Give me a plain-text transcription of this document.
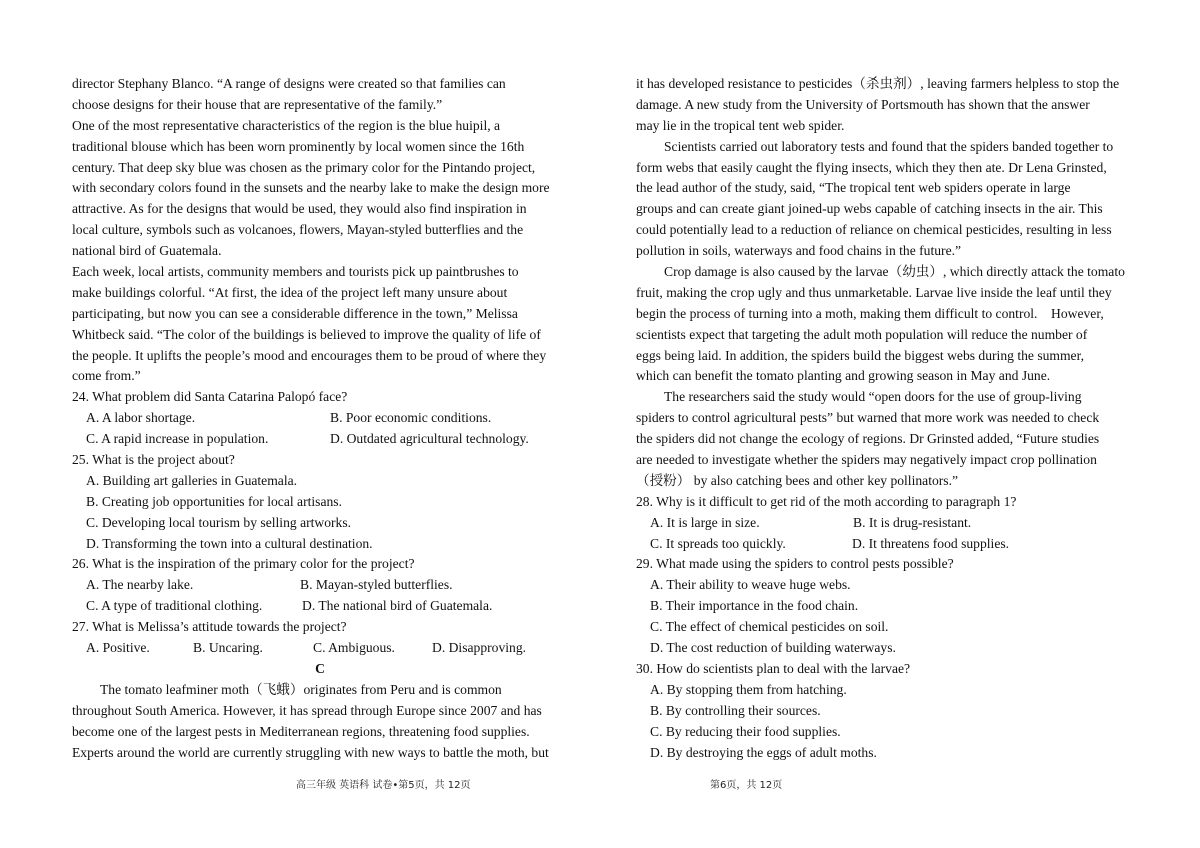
director Stephany Blanco. “A range of designs were created so that families can
choose designs for their house that are representative of the family.”
One of the most representative characteristics of the region is the blue huipil, a
traditional blouse which has been worn prominently by local women since the 16th
century. That deep sky blue was chosen as the primary color for the Pintando project,
with secondary colors found in the sunsets and the nearby lake to make the design more
attractive. As for the designs that would be used, they would also find inspiration in
local culture, symbols such as volcanoes, flowers, Mayan-styled butterflies and the
national bird of Guatemala.
Each week, local artists, community members and tourists pick up paintbrushes to
make buildings colorful. “At first, the idea of the project left many unsure about
participating, but now you can see a considerable difference in the town,” Melissa
Whitbeck said. “The color of the buildings is believed to improve the quality of life of
the people. It uplifts the people’s mood and encourages them to be proud of where they
come from.”
24. What problem did Santa Catarina Palopó face?
A. A labor shortage.	B. Poor economic conditions.
C. A rapid increase in population.	D. Outdated agricultural technology.
25. What is the project about?
A. Building art galleries in Guatemala.
B. Creating job opportunities for local artisans.
C. Developing local tourism by selling artworks.
D. Transforming the town into a cultural destination.
26. What is the inspiration of the primary color for the project?
A. The nearby lake.	B. Mayan-styled butterflies.
C. A type of traditional clothing.	D. The national bird of Guatemala.
27. What is Melissa’s attitude towards the project?
A. Positive.	B. Uncaring.	C. Ambiguous.	D. Disapproving.
C
The tomato leafminer moth（飞蛾）originates from Peru and is common
throughout South America. However, it has spread through Europe since 2007 and has
become one of the largest pests in Mediterranean regions, threatening food supplies.
Experts around the world are currently struggling with new ways to battle the moth, but
it has developed resistance to pesticides（杀虫剂）, leaving farmers helpless to stop the
damage. A new study from the University of Portsmouth has shown that the answer
may lie in the tropical tent web spider.
Scientists carried out laboratory tests and found that the spiders banded together to
form webs that easily caught the flying insects, which they then ate. Dr Lena Grinsted,
the lead author of the study, said, “The tropical tent web spiders operate in large
groups and can create giant joined-up webs capable of catching insects in the air. This
could potentially lead to a reduction of reliance on chemical pesticides, resulting in less
pollution in soils, waterways and food chains in the future.”
Crop damage is also caused by the larvae（幼虫）, which directly attack the tomato
fruit, making the crop ugly and thus unmarketable. Larvae live inside the leaf until they
begin the process of turning into a moth, making them difficult to control.    However,
scientists expect that targeting the adult moth population will reduce the number of
eggs being laid. In addition, the spiders build the biggest webs during the summer,
which can benefit the tomato planting and growing season in May and June.
The researchers said the study would “open doors for the use of group-living
spiders to control agricultural pests” but warned that more work was needed to check
the spiders did not change the ecology of regions. Dr Grinsted added, “Future studies
are needed to investigate whether the spiders may negatively impact crop pollination
（授粉） by also catching bees and other key pollinators.”
28. Why is it difficult to get rid of the moth according to paragraph 1?
A. It is large in size.	B. It is drug-resistant.
C. It spreads too quickly.	D. It threatens food supplies.
29. What made using the spiders to control pests possible?
A. Their ability to weave huge webs.
B. Their importance in the food chain.
C. The effect of chemical pesticides on soil.
D. The cost reduction of building waterways.
30. How do scientists plan to deal with the larvae?
A. By stopping them from hatching.
B. By controlling their sources.
C. By reducing their food supplies.
D. By destroying the eggs of adult moths.
高三年级 英语科 试卷•第5页，共 12页	第6页，共 12页
